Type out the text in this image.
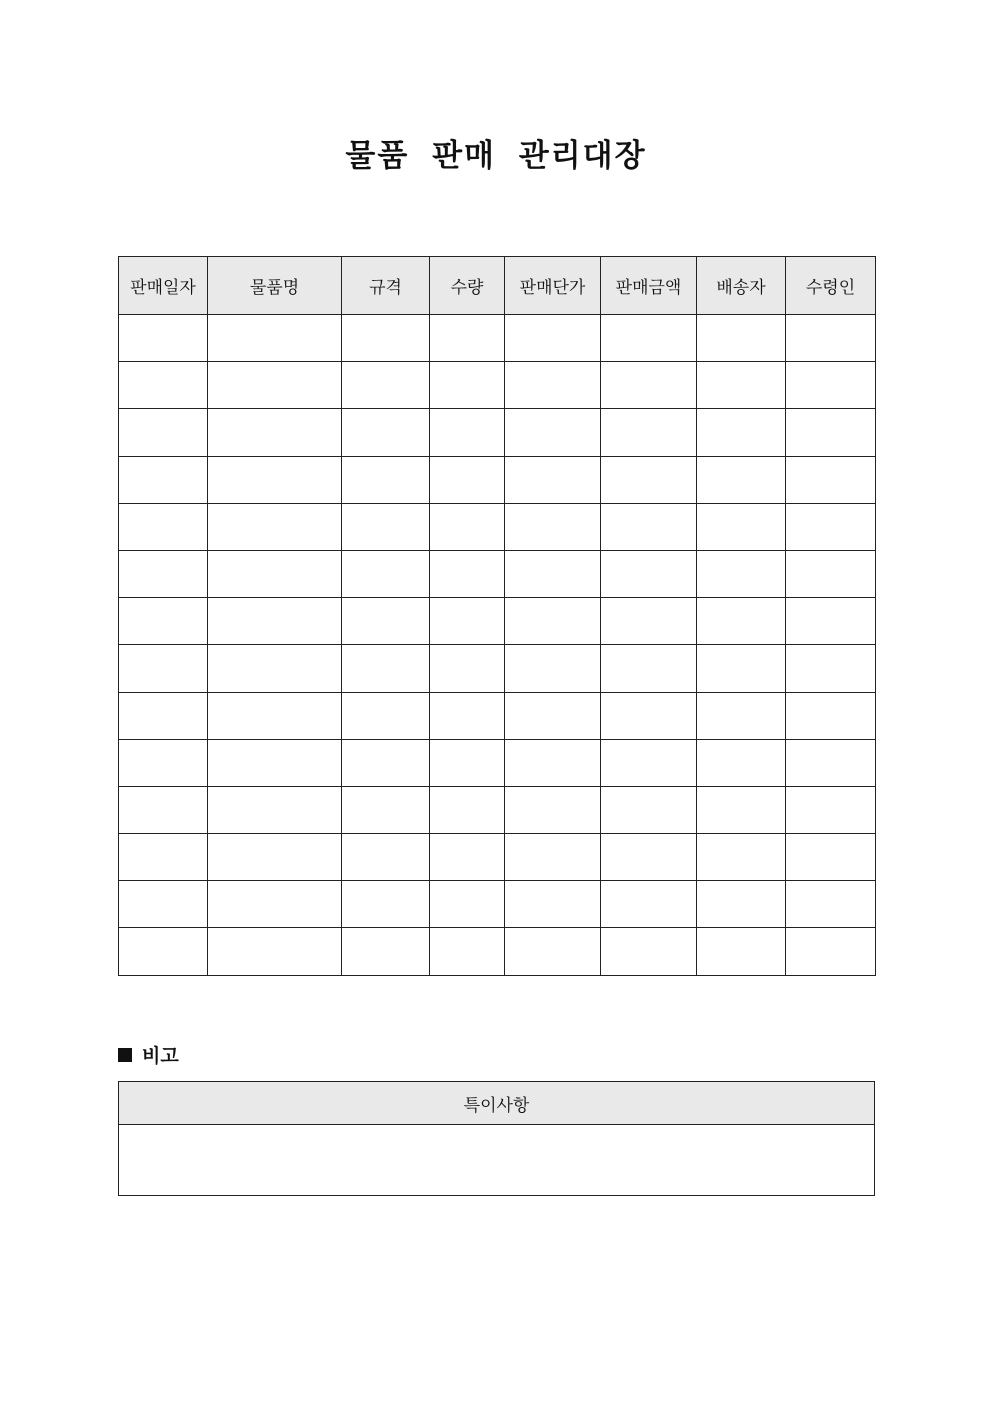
물품 판매 관리대장
판매일자	물품명	규격	수량	판매단가	판매금액	배송자	수령인

비고
특이사항
